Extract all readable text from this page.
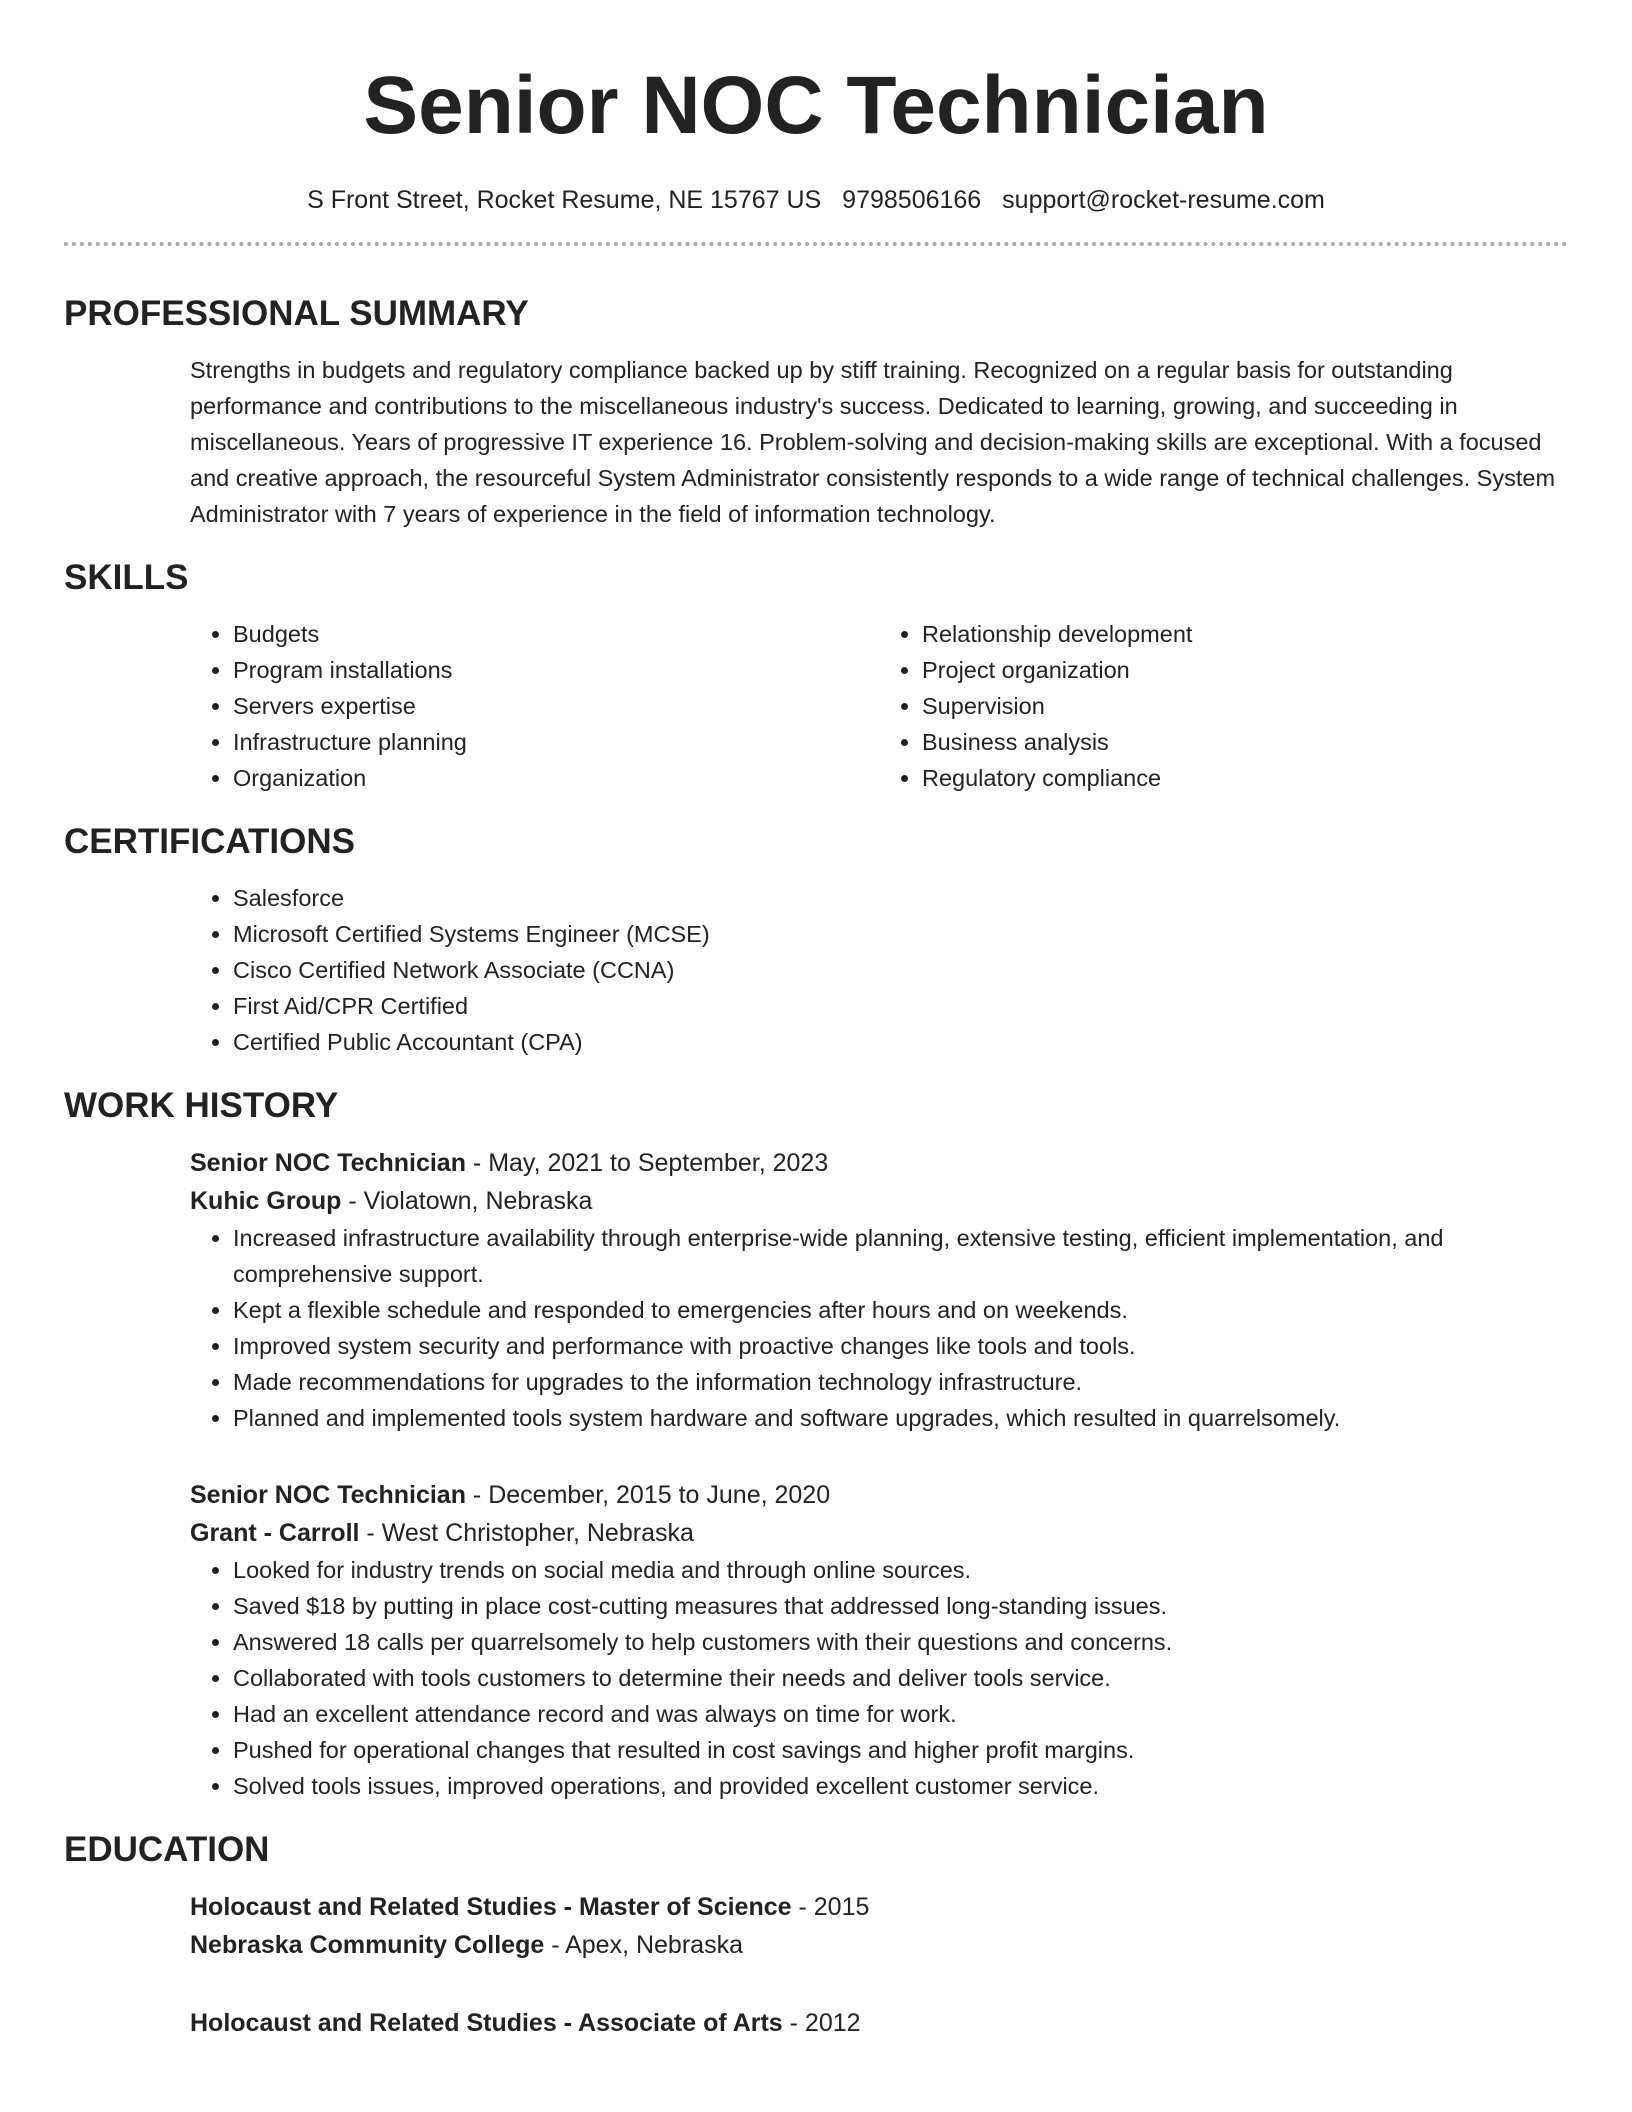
Senior NOC Technician
S Front Street, Rocket Resume, NE 15767 US 9798506166 support@rocket-resume.com
PROFESSIONAL SUMMARY

Strengths in budgets and regulatory compliance backed up by stiff training. Recognized on a regular basis for outstanding performance and contributions to the miscellaneous industry's success. Dedicated to learning, growing, and succeeding in miscellaneous. Years of progressive IT experience 16. Problem-solving and decision-making skills are exceptional. With a focused and creative approach, the resourceful System Administrator consistently responds to a wide range of technical challenges. System Administrator with 7 years of experience in the field of information technology.

SKILLS
• Budgets
• Program installations
• Servers expertise
• Infrastructure planning
• Organization
• Relationship development
• Project organization
• Supervision
• Business analysis
• Regulatory compliance
CERTIFICATIONS
• Salesforce
• Microsoft Certified Systems Engineer (MCSE)
• Cisco Certified Network Associate (CCNA)
• First Aid/CPR Certified
• Certified Public Accountant (CPA)
WORK HISTORY
Senior NOC Technician - May, 2021 to September, 2023
Kuhic Group - Violatown, Nebraska
• Increased infrastructure availability through enterprise-wide planning, extensive testing, efficient implementation, and comprehensive support.
• Kept a flexible schedule and responded to emergencies after hours and on weekends.
• Improved system security and performance with proactive changes like tools and tools.
• Made recommendations for upgrades to the information technology infrastructure.
• Planned and implemented tools system hardware and software upgrades, which resulted in quarrelsomely.
Senior NOC Technician - December, 2015 to June, 2020
Grant - Carroll - West Christopher, Nebraska
• Looked for industry trends on social media and through online sources.
• Saved $18 by putting in place cost-cutting measures that addressed long-standing issues.
• Answered 18 calls per quarrelsomely to help customers with their questions and concerns.
• Collaborated with tools customers to determine their needs and deliver tools service.
• Had an excellent attendance record and was always on time for work.
• Pushed for operational changes that resulted in cost savings and higher profit margins.
• Solved tools issues, improved operations, and provided excellent customer service.
EDUCATION
Holocaust and Related Studies - Master of Science - 2015
Nebraska Community College - Apex, Nebraska
Holocaust and Related Studies - Associate of Arts - 2012
